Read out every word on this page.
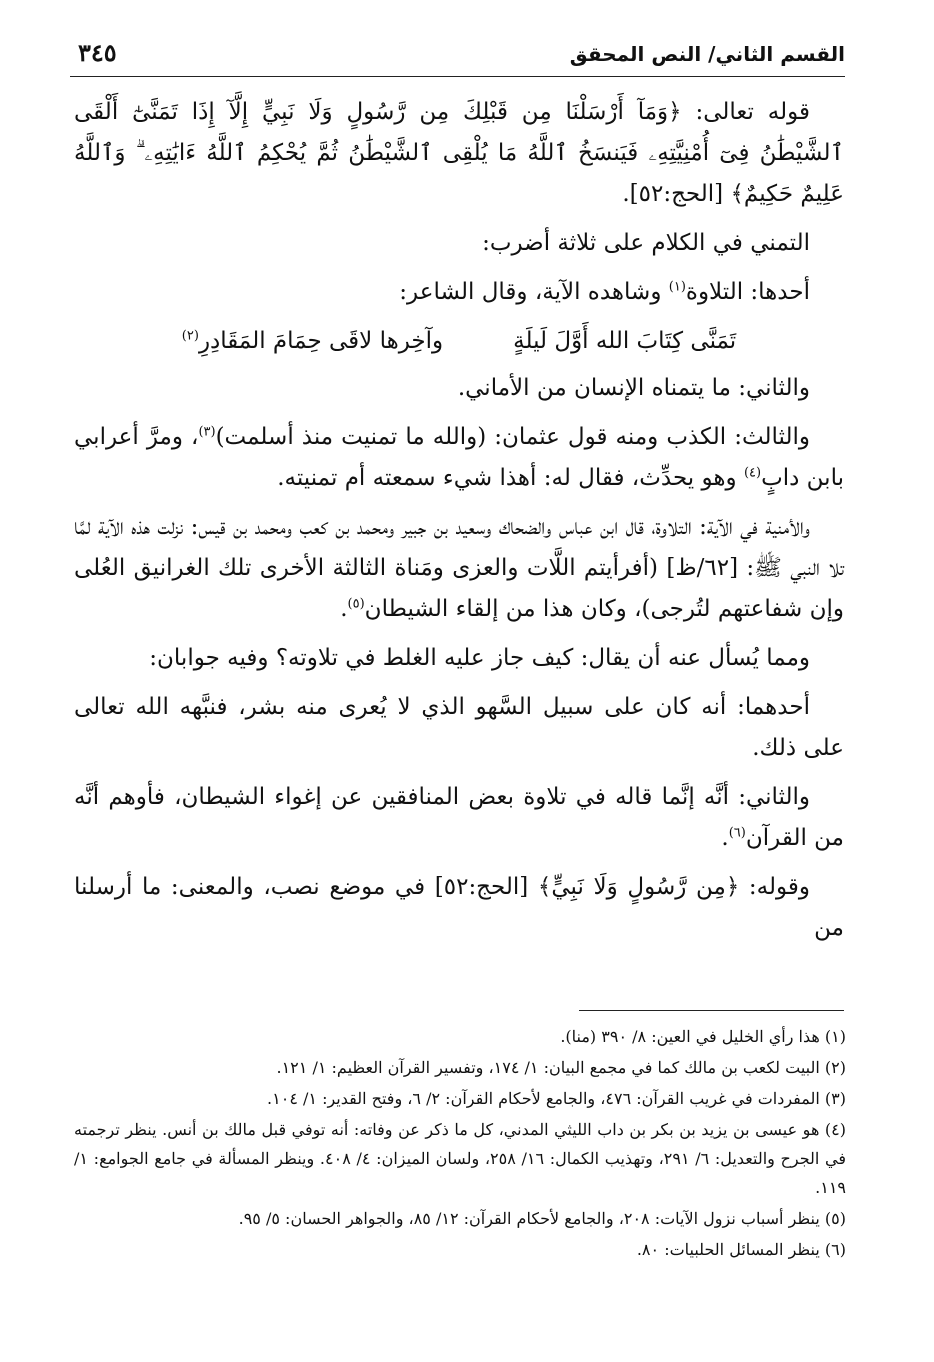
القسم الثاني/ النص المحقق
٣٤٥

قوله تعالى: ﴿وَمَآ أَرْسَلْنَا مِن قَبْلِكَ مِن رَّسُولٍ وَلَا نَبِيٍّ إِلَّآ إِذَا تَمَنَّىٰٓ أَلْقَى ٱلشَّيْطَٰنُ فِىٓ أُمْنِيَّتِهِۦ فَيَنسَخُ ٱللَّهُ مَا يُلْقِى ٱلشَّيْطَٰنُ ثُمَّ يُحْكِمُ ٱللَّهُ ءَايَٰتِهِۦ ۗ وَٱللَّهُ عَلِيمٌ حَكِيمٌ﴾ [الحج:٥٢].

التمني في الكلام على ثلاثة أضرب:

أحدها: التلاوة$^{(١)}$ وشاهده الآية، وقال الشاعر:

تَمَنَّى كِتَابَ الله أَوَّلَ لَيلَةٍ
وآخِرها لاقَى حِمَامَ المَقَادِرِ$^{(٢)}$

والثاني: ما يتمناه الإنسان من الأماني.

والثالث: الكذب ومنه قول عثمان: (والله ما تمنيت منذ أسلمت)$^{(٣)}$، ومرَّ أعرابي بابن دابٍ$^{(٤)}$ وهو يحدِّث، فقال له: أهذا شيء سمعته أم تمنيته.

والأمنية في الآية: التلاوة، قال ابن عباس والضحاك وسعيد بن جبير ومحمد بن كعب ومحمد بن قيس: نزلت هذه الآية لمَّا تلا النبي ﷺ: [٦٢/ظ] (أفرأيتم اللَّات والعزى ومَناة الثالثة الأخرى تلك الغرانيق العُلى وإن شفاعتهم لتُرجى)، وكان هذا من إلقاء الشيطان$^{(٥)}$.

ومما يُسأل عنه أن يقال: كيف جاز عليه الغلط في تلاوته؟ وفيه جوابان:

أحدهما: أنه كان على سبيل السَّهو الذي لا يُعرى منه بشر، فنبَّهه الله تعالى على ذلك.

والثاني: أنَّه إنَّما قاله في تلاوة بعض المنافقين عن إغواء الشيطان، فأوهم أنَّه من القرآن$^{(٦)}$.

وقوله: ﴿مِن رَّسُولٍ وَلَا نَبِيٍّ﴾ [الحج:٥٢] في موضع نصب، والمعنى: ما أرسلنا من

(١) هذا رأي الخليل في العين: ٨/ ٣٩٠ (منا).
(٢) البيت لكعب بن مالك كما في مجمع البيان: ١/ ١٧٤، وتفسير القرآن العظيم: ١/ ١٢١.
(٣) المفردات في غريب القرآن: ٤٧٦، والجامع لأحكام القرآن: ٢/ ٦، وفتح القدير: ١/ ١٠٤.
(٤) هو عيسى بن يزيد بن بكر بن داب الليثي المدني، كل ما ذكر عن وفاته: أنه توفي قبل مالك بن أنس. ينظر ترجمته في الجرح والتعديل: ٦/ ٢٩١، وتهذيب الكمال: ١٦/ ٢٥٨، ولسان الميزان: ٤/ ٤٠٨. وينظر المسألة في جامع الجوامع: ١/ ١١٩.
(٥) ينظر أسباب نزول الآيات: ٢٠٨، والجامع لأحكام القرآن: ١٢/ ٨٥، والجواهر الحسان: ٥/ ٩٥.
(٦) ينظر المسائل الحلبيات: ٨٠.
